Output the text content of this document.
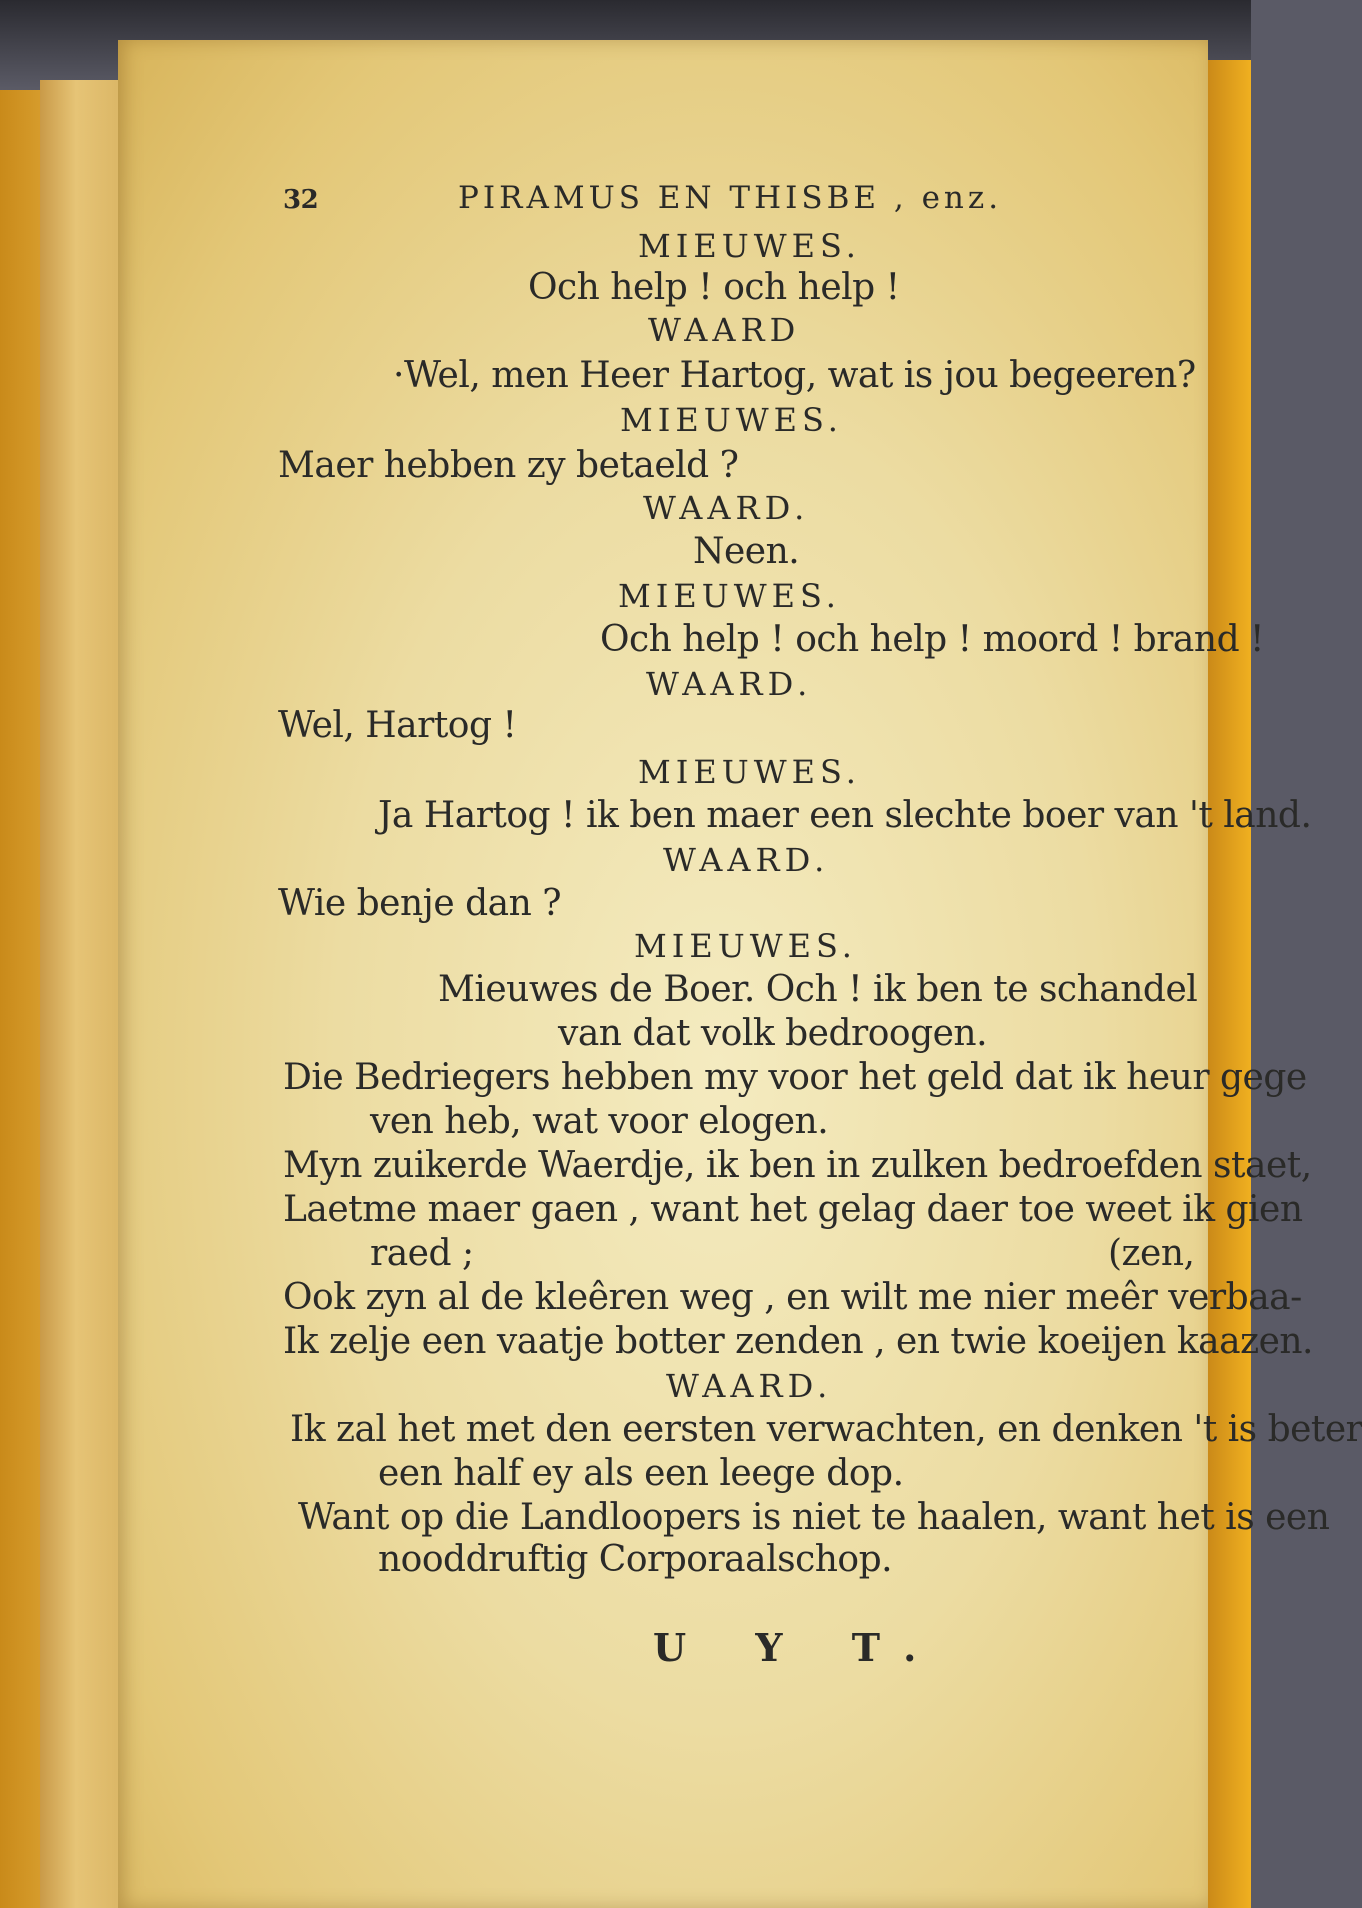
32	PIRAMUS EN THISBE , enz.
MIEUWES.
Och help ! och help !
WAARD
·Wel, men Heer Hartog, wat is jou begeeren?
MIEUWES.
Maer hebben zy betaeld ?
WAARD.
Neen.
MIEUWES.
Och help ! och help ! moord ! brand !
WAARD.
Wel, Hartog !
MIEUWES.
Ja Hartog ! ik ben maer een slechte boer van 't land.
WAARD.
Wie benje dan ?
MIEUWES.
Mieuwes de Boer. Och ! ik ben te schandel
van dat volk bedroogen.
Die Bedriegers hebben my voor het geld dat ik heur gege
ven heb, wat voor elogen.
Myn zuikerde Waerdje, ik ben in zulken bedroefden staet,
Laetme maer gaen , want het gelag daer toe weet ik gien
raed ;	(zen,
Ook zyn al de kleêren weg , en wilt me nier meêr verbaa-
Ik zelje een vaatje botter zenden , en twie koeijen kaazen.
WAARD.
Ik zal het met den eersten verwachten, en denken 't is beter
een half ey als een leege dop.
Want op die Landloopers is niet te haalen, want het is een
nooddruftig Corporaalschop.
U Y T.
